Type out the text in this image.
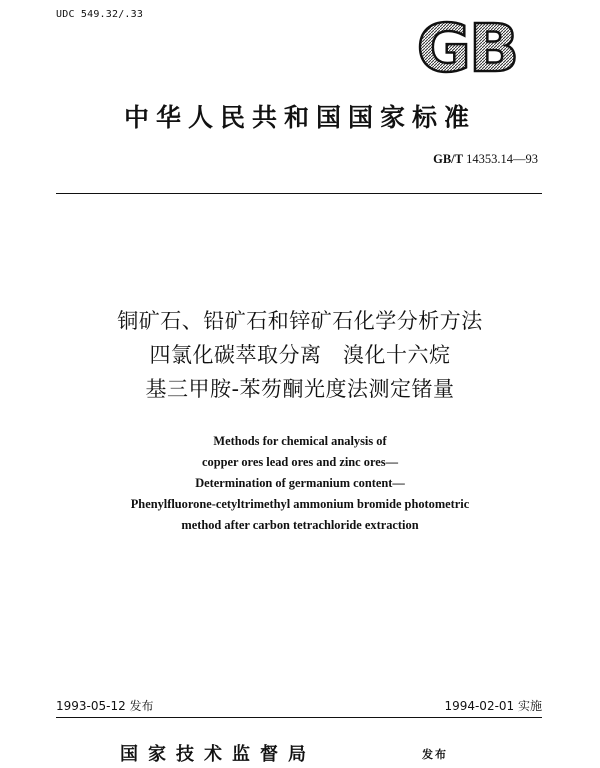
UDC 549.32/.33	GB
中华人民共和国国家标准
GB/T 14353.14—93
铜矿石、铅矿石和锌矿石化学分析方法
四氯化碳萃取分离　溴化十六烷
基三甲胺-苯芴酮光度法测定锗量
Methods for chemical analysis of
copper ores lead ores and zinc ores—
Determination of germanium content—
Phenylfluorone-cetyltrimethyl ammonium bromide photometric
method after carbon tetrachloride extraction
1993-05-12 发布	1994-02-01 实施
国家技术监督局	发布
